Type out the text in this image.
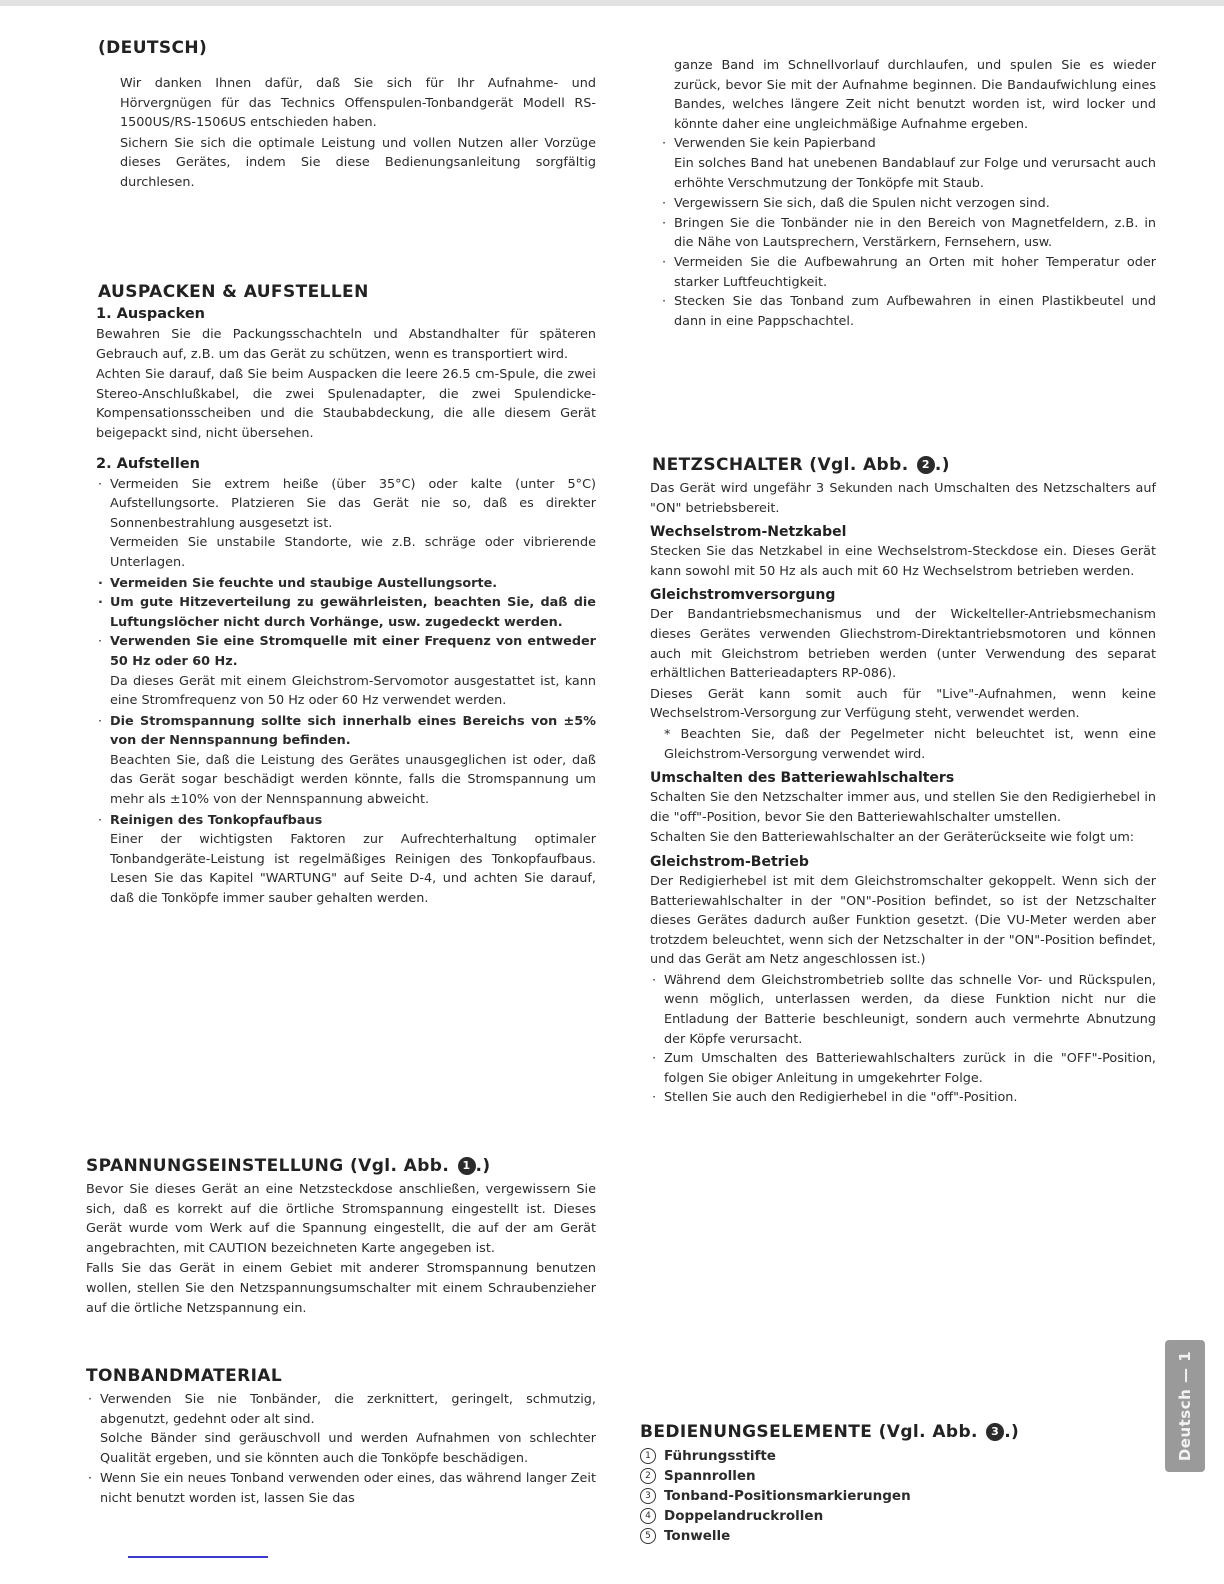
(DEUTSCH)

Wir danken Ihnen dafür, daß Sie sich für Ihr Aufnahme- und Hörvergnügen für das Technics Offenspulen-Tonbandgerät Modell RS-1500US/RS-1506US entschieden haben.

Sichern Sie sich die optimale Leistung und vollen Nutzen aller Vorzüge dieses Gerätes, indem Sie diese Bedienungsanleitung sorgfältig durchlesen.

AUSPACKEN & AUFSTELLEN
1. Auspacken

Bewahren Sie die Packungsschachteln und Abstandhalter für späteren Gebrauch auf, z.B. um das Gerät zu schützen, wenn es transportiert wird.

Achten Sie darauf, daß Sie beim Auspacken die leere 26.5 cm-Spule, die zwei Stereo-Anschlußkabel, die zwei Spulenadapter, die zwei Spulendicke-Kompensationsscheiben und die Staubabdeckung, die alle diesem Gerät beigepackt sind, nicht übersehen.

2. Aufstellen
· Vermeiden Sie extrem heiße (über 35°C) oder kalte (unter 5°C) Aufstellungsorte. Platzieren Sie das Gerät nie so, daß es direkter Sonnenbestrahlung ausgesetzt ist.

Vermeiden Sie unstabile Standorte, wie z.B. schräge oder vibrierende Unterlagen.

· Vermeiden Sie feuchte und staubige Austellungsorte.
· Um gute Hitzeverteilung zu gewährleisten, beachten Sie, daß die Luftungslöcher nicht durch Vorhänge, usw. zugedeckt werden.
· Verwenden Sie eine Stromquelle mit einer Frequenz von entweder 50 Hz oder 60 Hz.

Da dieses Gerät mit einem Gleichstrom-Servomotor ausgestattet ist, kann eine Stromfrequenz von 50 Hz oder 60 Hz verwendet werden.

· Die Stromspannung sollte sich innerhalb eines Bereichs von ±5% von der Nennspannung befinden.

Beachten Sie, daß die Leistung des Gerätes unausgeglichen ist oder, daß das Gerät sogar beschädigt werden könnte, falls die Stromspannung um mehr als ±10% von der Nennspannung abweicht.

· Reinigen des Tonkopfaufbaus

Einer der wichtigsten Faktoren zur Aufrechterhaltung optimaler Tonbandgeräte-Leistung ist regelmäßiges Reinigen des Tonkopfaufbaus. Lesen Sie das Kapitel "WARTUNG" auf Seite D-4, und achten Sie darauf, daß die Tonköpfe immer sauber gehalten werden.

SPANNUNGSEINSTELLUNG (Vgl. Abb. 1 .)

Bevor Sie dieses Gerät an eine Netzsteckdose anschließen, vergewissern Sie sich, daß es korrekt auf die örtliche Stromspannung eingestellt ist. Dieses Gerät wurde vom Werk auf die Spannung eingestellt, die auf der am Gerät angebrachten, mit CAUTION bezeichneten Karte angegeben ist.

Falls Sie das Gerät in einem Gebiet mit anderer Stromspannung benutzen wollen, stellen Sie den Netzspannungsumschalter mit einem Schraubenzieher auf die örtliche Netzspannung ein.

TONBANDMATERIAL
· Verwenden Sie nie Tonbänder, die zerknittert, geringelt, schmutzig, abgenutzt, gedehnt oder alt sind.

Solche Bänder sind geräuschvoll und werden Aufnahmen von schlechter Qualität ergeben, und sie könnten auch die Tonköpfe beschädigen.

· Wenn Sie ein neues Tonband verwenden oder eines, das während langer Zeit nicht benutzt worden ist, lassen Sie das

ganze Band im Schnellvorlauf durchlaufen, und spulen Sie es wieder zurück, bevor Sie mit der Aufnahme beginnen. Die Bandaufwichlung eines Bandes, welches längere Zeit nicht benutzt worden ist, wird locker und könnte daher eine ungleichmäßige Aufnahme ergeben.

· Verwenden Sie kein Papierband

Ein solches Band hat unebenen Bandablauf zur Folge und verursacht auch erhöhte Verschmutzung der Tonköpfe mit Staub.

· Vergewissern Sie sich, daß die Spulen nicht verzogen sind.
· Bringen Sie die Tonbänder nie in den Bereich von Magnetfeldern, z.B. in die Nähe von Lautsprechern, Verstärkern, Fernsehern, usw.
· Vermeiden Sie die Aufbewahrung an Orten mit hoher Temperatur oder starker Luftfeuchtigkeit.
· Stecken Sie das Tonband zum Aufbewahren in einen Plastikbeutel und dann in eine Pappschachtel.
NETZSCHALTER (Vgl. Abb. 2 .)

Das Gerät wird ungefähr 3 Sekunden nach Umschalten des Netzschalters auf "ON" betriebsbereit.

Wechselstrom-Netzkabel

Stecken Sie das Netzkabel in eine Wechselstrom-Steckdose ein. Dieses Gerät kann sowohl mit 50 Hz als auch mit 60 Hz Wechselstrom betrieben werden.

Gleichstromversorgung

Der Bandantriebsmechanismus und der Wickelteller-Antriebsmechanism dieses Gerätes verwenden Gliechstrom-Direktantriebsmotoren und können auch mit Gleichstrom betrieben werden (unter Verwendung des separat erhältlichen Batterieadapters RP-086).

Dieses Gerät kann somit auch für "Live"-Aufnahmen, wenn keine Wechselstrom-Versorgung zur Verfügung steht, verwendet werden.

* Beachten Sie, daß der Pegelmeter nicht beleuchtet ist, wenn eine Gleichstrom-Versorgung verwendet wird.

Umschalten des Batteriewahlschalters

Schalten Sie den Netzschalter immer aus, und stellen Sie den Redigierhebel in die "off"-Position, bevor Sie den Batteriewahlschalter umstellen.

Schalten Sie den Batteriewahlschalter an der Geräterückseite wie folgt um:

Gleichstrom-Betrieb

Der Redigierhebel ist mit dem Gleichstromschalter gekoppelt. Wenn sich der Batteriewahlschalter in der "ON"-Position befindet, so ist der Netzschalter dieses Gerätes dadurch außer Funktion gesetzt. (Die VU-Meter werden aber trotzdem beleuchtet, wenn sich der Netzschalter in der "ON"-Position befindet, und das Gerät am Netz angeschlossen ist.)

· Während dem Gleichstrombetrieb sollte das schnelle Vor- und Rückspulen, wenn möglich, unterlassen werden, da diese Funktion nicht nur die Entladung der Batterie beschleunigt, sondern auch vermehrte Abnutzung der Köpfe verursacht.
· Zum Umschalten des Batteriewahlschalters zurück in die "OFF"-Position, folgen Sie obiger Anleitung in umgekehrter Folge.
· Stellen Sie auch den Redigierhebel in die "off"-Position.
BEDIENUNGSELEMENTE (Vgl. Abb. 3 .)
1 Führungsstifte
2 Spannrollen
3 Tonband-Positionsmarkierungen
4 Doppelandruckrollen
5 Tonwelle
Deutsch — 1
